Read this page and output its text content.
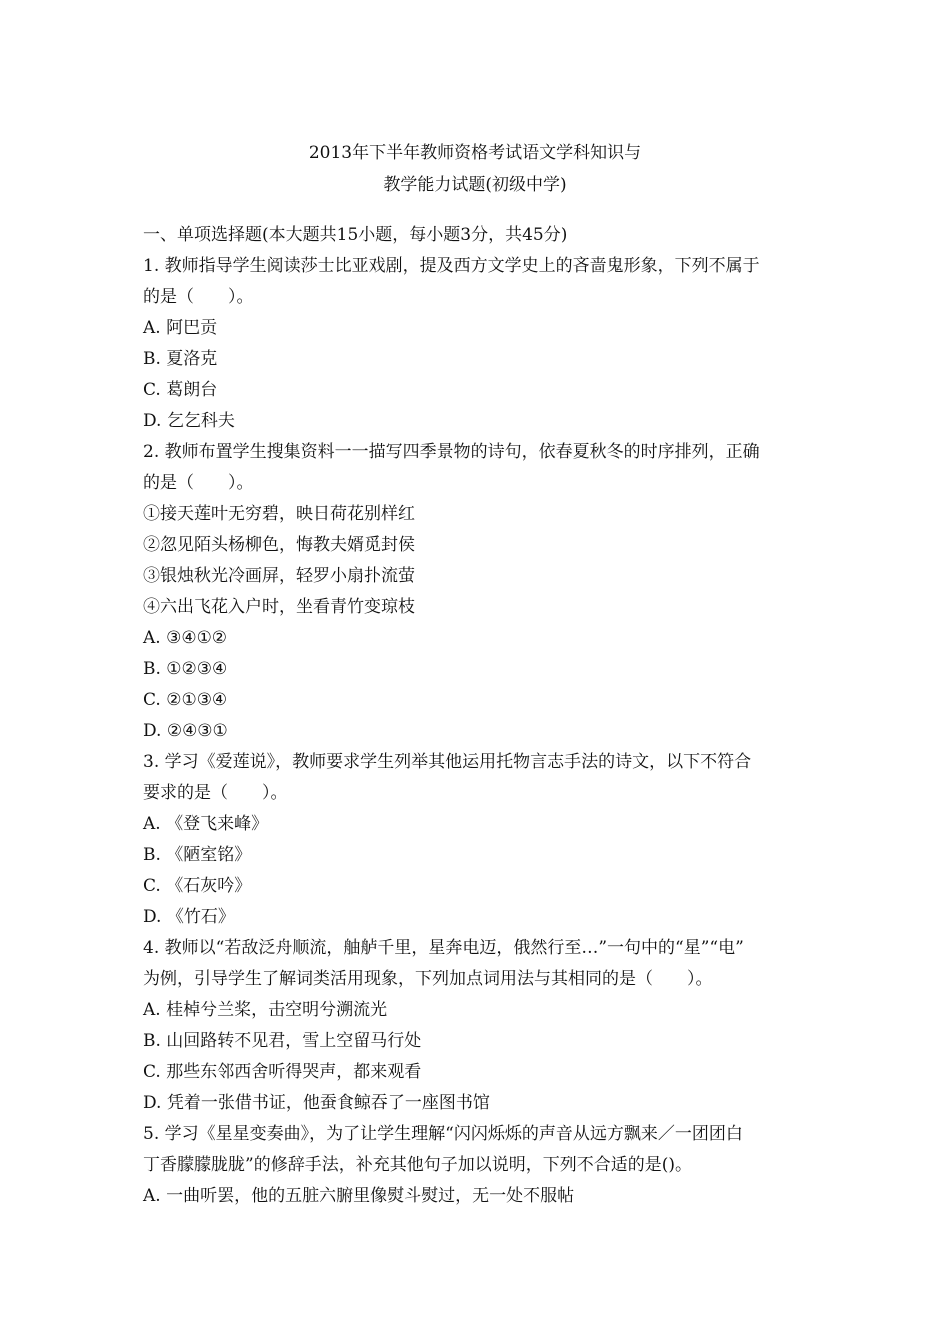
2013年下半年教师资格考试语文学科知识与
教学能力试题(初级中学)
一、单项选择题(本大题共15小题，每小题3分，共45分)
1. 教师指导学生阅读莎士比亚戏剧，提及西方文学史上的吝啬鬼形象，下列不属于
的是（　　）。
A. 阿巴贡
B. 夏洛克
C. 葛朗台
D. 乞乞科夫
2. 教师布置学生搜集资料一一描写四季景物的诗句，依春夏秋冬的时序排列，正确
的是（　　）。
①接天莲叶无穷碧，映日荷花别样红
②忽见陌头杨柳色，悔教夫婿觅封侯
③银烛秋光冷画屏，轻罗小扇扑流萤
④六出飞花入户时，坐看青竹变琼枝
A. ③④①②
B. ①②③④
C. ②①③④
D. ②④③①
3. 学习《爱莲说》，教师要求学生列举其他运用托物言志手法的诗文，以下不符合
要求的是（　　）。
A. 《登飞来峰》
B. 《陋室铭》
C. 《石灰吟》
D. 《竹石》
4. 教师以“若敌泛舟顺流，舳舻千里，星奔电迈，俄然行至…”一句中的“星”“电”
为例，引导学生了解词类活用现象，下列加点词用法与其相同的是（　　）。
A. 桂棹兮兰桨，击空明兮溯流光
B. 山回路转不见君，雪上空留马行处
C. 那些东邻西舍听得哭声，都来观看
D. 凭着一张借书证，他蚕食鲸吞了一座图书馆
5. 学习《星星变奏曲》，为了让学生理解“闪闪烁烁的声音从远方飘来／一团团白
丁香朦朦胧胧”的修辞手法，补充其他句子加以说明，下列不合适的是()。
A. 一曲听罢，他的五脏六腑里像熨斗熨过，无一处不服帖
